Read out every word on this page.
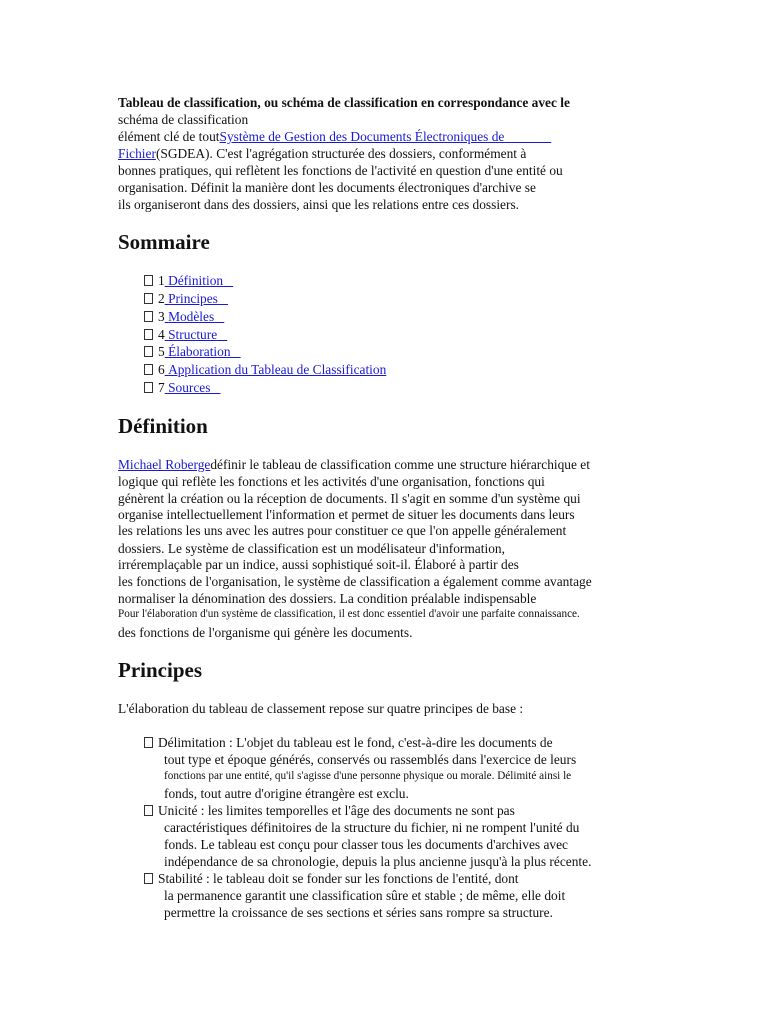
Tableau de classification, ou schéma de classification en correspondance avec le
schéma de classification
élément clé de toutSystème de Gestion des Documents Électroniques de
Fichier(SGDEA). C'est l'agrégation structurée des dossiers, conformément à
bonnes pratiques, qui reflètent les fonctions de l'activité en question d'une entité ou
organisation. Définit la manière dont les documents électroniques d'archive se
ils organiseront dans des dossiers, ainsi que les relations entre ces dossiers.
Sommaire
1 Définition
2 Principes
3 Modèles
4 Structure
5 Élaboration
6 Application du Tableau de Classification
7 Sources
Définition
Michael Robergedéfinir le tableau de classification comme une structure hiérarchique et
logique qui reflète les fonctions et les activités d'une organisation, fonctions qui
génèrent la création ou la réception de documents. Il s'agit en somme d'un système qui
organise intellectuellement l'information et permet de situer les documents dans leurs
les relations les uns avec les autres pour constituer ce que l'on appelle généralement
dossiers. Le système de classification est un modélisateur d'information,
irréremplaçable par un indice, aussi sophistiqué soit-il. Élaboré à partir des
les fonctions de l'organisation, le système de classification a également comme avantage
normaliser la dénomination des dossiers. La condition préalable indispensable
Pour l'élaboration d'un système de classification, il est donc essentiel d'avoir une parfaite connaissance.
des fonctions de l'organisme qui génère les documents.
Principes
L'élaboration du tableau de classement repose sur quatre principes de base :
Délimitation : L'objet du tableau est le fond, c'est-à-dire les documents de
tout type et époque générés, conservés ou rassemblés dans l'exercice de leurs
fonctions par une entité, qu'il s'agisse d'une personne physique ou morale. Délimité ainsi le
fonds, tout autre d'origine étrangère est exclu.
Unicité : les limites temporelles et l'âge des documents ne sont pas
caractéristiques définitoires de la structure du fichier, ni ne rompent l'unité du
fonds. Le tableau est conçu pour classer tous les documents d'archives avec
indépendance de sa chronologie, depuis la plus ancienne jusqu'à la plus récente.
Stabilité : le tableau doit se fonder sur les fonctions de l'entité, dont
la permanence garantit une classification sûre et stable ; de même, elle doit
permettre la croissance de ses sections et séries sans rompre sa structure.
